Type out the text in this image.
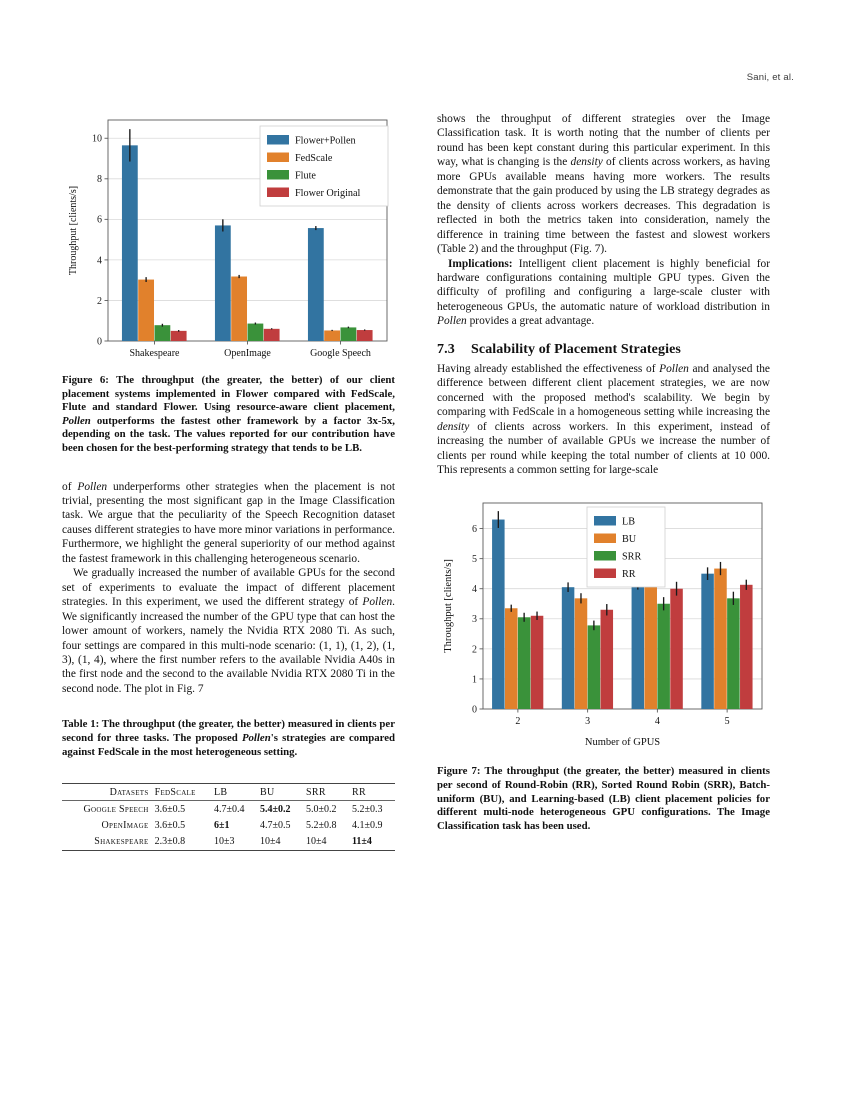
Sani, et al.
0
2
4
6
8
10
Throughput [clients/s]
Shakespeare	OpenImage	Google Speech
Flower+Pollen
FedScale
Flute
Flower Original

Figure 6: The throughput (the greater, the better) of our client placement systems implemented in Flower compared with FedScale, Flute and standard Flower. Using resource-aware client placement, Pollen outperforms the fastest other framework by a factor 3x-5x, depending on the task. The values reported for our contribution have been chosen for the best-performing strategy that tends to be LB.

of Pollen underperforms other strategies when the placement is not trivial, presenting the most significant gap in the Image Classification task. We argue that the peculiarity of the Speech Recognition dataset causes different strategies to have more minor variations in performance. Furthermore, we highlight the general superiority of our method against the fastest framework in this challenging heterogeneous scenario.

We gradually increased the number of available GPUs for the second set of experiments to evaluate the impact of different placement strategies. In this experiment, we used the different strategy of Pollen. We significantly increased the number of the GPU type that can host the lower amount of workers, namely the Nvidia RTX 2080 Ti. As such, four settings are compared in this multi-node scenario: (1, 1), (1, 2), (1, 3), (1, 4), where the first number refers to the available Nvidia A40s in the first node and the second to the available Nvidia RTX 2080 Ti in the second node. The plot in Fig. 7

Table 1: The throughput (the greater, the better) measured in clients per second for three tasks. The proposed Pollen's strategies are compared against FedScale in the most heterogeneous setting.

Datasets	FedScale	LB	BU	SRR	RR
Google Speech	3.6±0.5	4.7±0.4	5.4±0.2	5.0±0.2	5.2±0.3
OpenImage	3.6±0.5	6±1	4.7±0.5	5.2±0.8	4.1±0.9
Shakespeare	2.3±0.8	10±3	10±4	10±4	11±4

shows the throughput of different strategies over the Image Classification task. It is worth noting that the number of clients per round has been kept constant during this particular experiment. In this way, what is changing is the density of clients across workers, as having more GPUs available means having more workers. The results demonstrate that the gain produced by using the LB strategy degrades as the density of clients across workers decreases. This degradation is reflected in both the metrics taken into consideration, namely the difference in training time between the fastest and slowest workers (Table 2) and the throughput (Fig. 7).

Implications: Intelligent client placement is highly beneficial for hardware configurations containing multiple GPU types. Given the difficulty of profiling and configuring a large-scale cluster with heterogeneous GPUs, the automatic nature of workload distribution in Pollen provides a great advantage.

7.3 Scalability of Placement Strategies

Having already established the effectiveness of Pollen and analysed the difference between different client placement strategies, we are now concerned with the proposed method's scalability. We begin by comparing with FedScale in a homogeneous setting while increasing the density of clients across workers. In this experiment, instead of increasing the number of available GPUs we increase the number of clients per round while keeping the total number of clients at 10 000. This represents a common setting for large-scale

0
1
2
3
4
5
6
Throughput [clients/s]
2	3	4	5
Number of GPUS
LB
BU
SRR
RR

Figure 7: The throughput (the greater, the better) measured in clients per second of Round-Robin (RR), Sorted Round Robin (SRR), Batch-uniform (BU), and Learning-based (LB) client placement policies for different multi-node heterogeneous GPU configurations. The Image Classification task has been used.
